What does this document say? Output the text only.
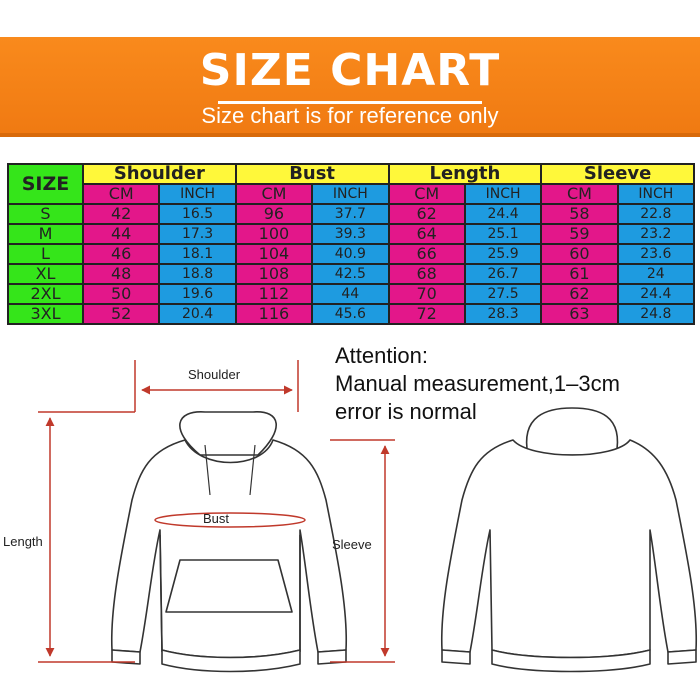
SIZE CHART
Size chart is for reference only
SIZE	Shoulder		Bust		Length		Sleeve	
	CM	INCH	CM	INCH	CM	INCH	CM	INCH
S	42	16.5	96	37.7	62	24.4	58	22.8
M	44	17.3	100	39.3	64	25.1	59	23.2
L	46	18.1	104	40.9	66	25.9	60	23.6
XL	48	18.8	108	42.5	68	26.7	61	24
2XL	50	19.6	112	44	70	27.5	62	24.4
3XL	52	20.4	116	45.6	72	28.3	63	24.8
Attention:
Manual measurement,1–3cm
error is normal
Shoulder
Bust
Length	Sleeve
